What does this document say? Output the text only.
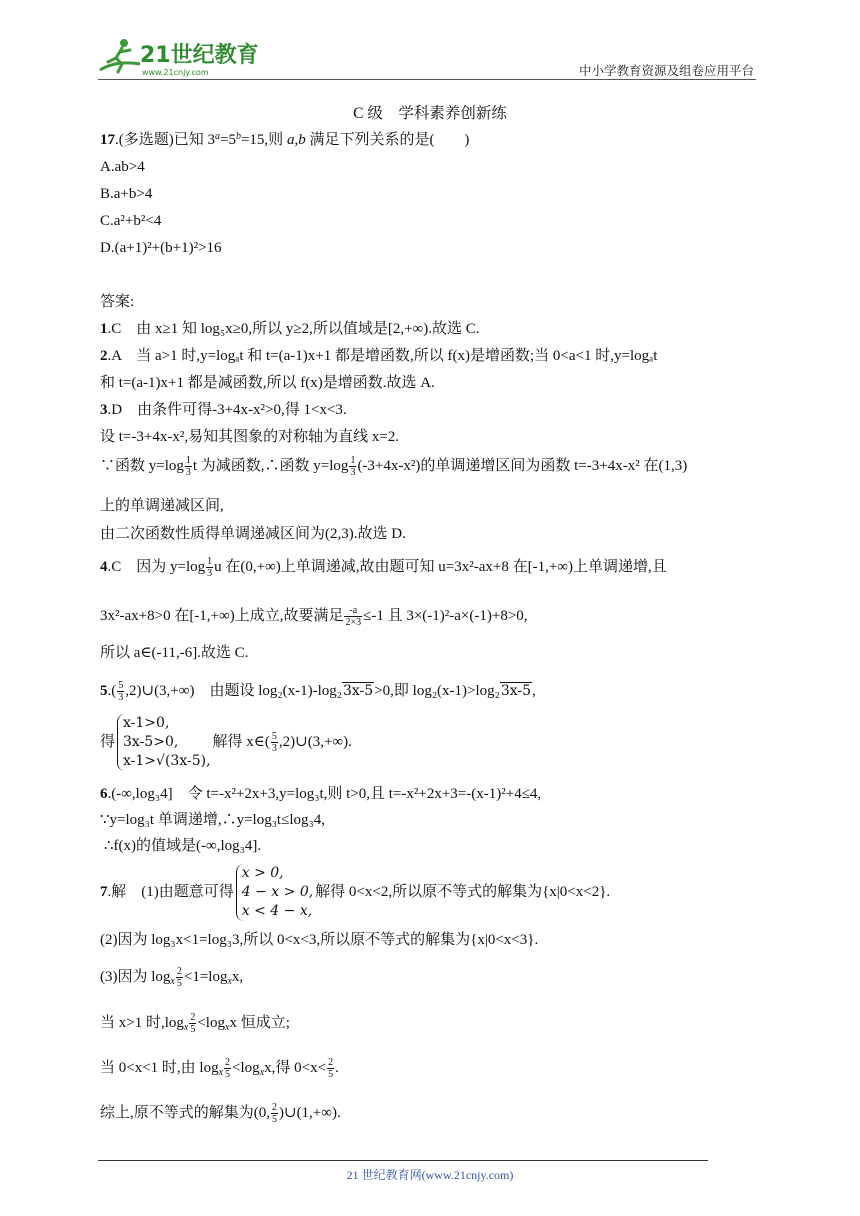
21世纪教育
www.21cnjy.com	中小学教育资源及组卷应用平台
C 级　学科素养创新练
17.(多选题)已知 $3^a=5^b=15$,则 a,b 满足下列关系的是(　　)
A.ab>4
B.a+b>4
C.a²+b²<4
D.(a+1)²+(b+1)²>16
答案:
1.C　由 x≥1 知 log₅x≥0,所以 y≥2,所以值域是[2,+∞).故选 C.
2.A　当 a>1 时,y=logₐt 和 t=(a-1)x+1 都是增函数,所以 f(x)是增函数;当 0<a<1 时,y=logₐt
和 t=(a-1)x+1 都是减函数,所以 f(x)是增函数.故选 A.
3.D　由条件可得-3+4x-x²>0,得 1<x<3.
设 t=-3+4x-x²,易知其图象的对称轴为直线 x=2.
∵函数 $y=\log \frac{1}{3}$ t 为减函数,∴函数 $y=\log \frac{1}{3} (-3+4x-x^2)$的单调递增区间为函数 t=-3+4x-x² 在(1,3)
上的单调递减区间,
由二次函数性质得单调递减区间为(2,3).故选 D.
4.C　因为 $y=\log \frac{1}{3}$ u 在(0,+∞)上单调递减,故由题可知 u=3x²-ax+8 在[-1,+∞)上单调递增,且
3x²-ax+8>0 在[-1,+∞)上成立,故要满足 $\frac{-a}{2\times 3} \le-1$ 且 3×(-1)²-a×(-1)+8>0,
所以 a∈(-11,-6].故选 C.
$5.( \frac{5}{3}$ ,2)∪(3,+∞)　由题设 log₂(x-1)-log₂3x-5>0,即 log₂(x-1)>log₂3x-5,
得
x-1>0,
3x-5>0,
x-1>√(3x-5),
解得 x∈( $\frac{5}{3}$ ,2)∪(3,+∞).
6.(-∞,log₃4]　令 t=-x²+2x+3,y=log₃t,则 t>0,且 t=-x²+2x+3=-(x-1)²+4≤4,
∵y=log₃t 单调递增,∴y=log₃t≤log₃4,
∴f(x)的值域是(-∞,log₃4].
7.解　(1)由题意可得
x > 0,
4 − x > 0,
x < 4 − x,
解得 0<x<2,所以原不等式的解集为{x|0<x<2}.
(2)因为 log₃x<1=log₃3,所以 0<x<3,所以原不等式的解集为{x|0<x<3}.
(3)因为 $\log_x \frac{2}{5} <1=\log_xx$,
当 x>1 时$,\log_x \frac{2}{5} <\log_xx$ 恒成立;
当 0<x<1 时,由 $\log_x \frac{2}{5} <\log_xx$,得 $0<x< \frac{2}{5}$ .
综上,原不等式的解集为(0, $\frac{2}{5}$ )∪(1,+∞).
21 世纪教育网(www.21cnjy.com)
